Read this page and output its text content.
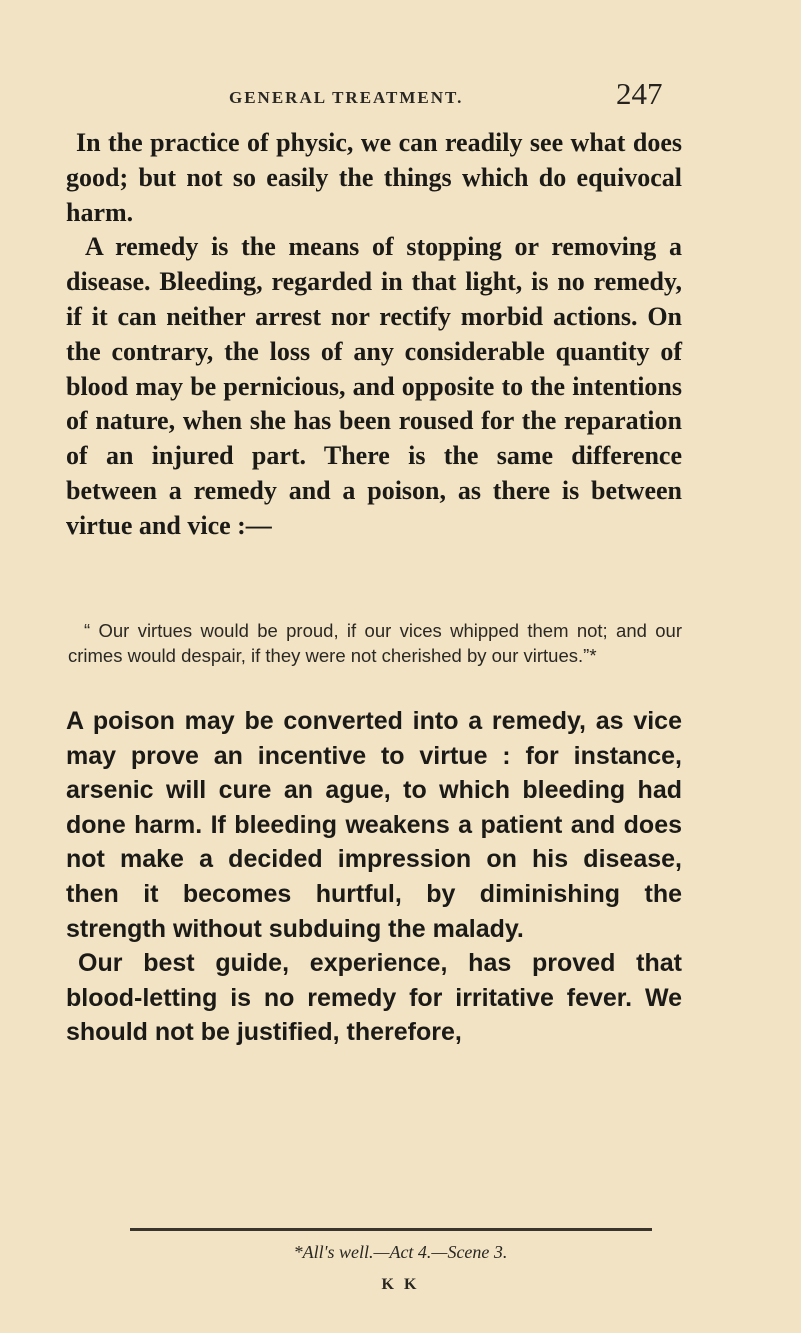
GENERAL TREATMENT.	247

In the practice of physic, we can readily see what does good; but not so easily the things which do equivocal harm.

A remedy is the means of stopping or removing a disease. Bleeding, regarded in that light, is no remedy, if it can neither arrest nor rectify morbid actions. On the contrary, the loss of any considerable quantity of blood may be pernicious, and opposite to the intentions of nature, when she has been roused for the reparation of an injured part. There is the same difference between a remedy and a poison, as there is between virtue and vice :—

“ Our virtues would be proud, if our vices whipped them not; and our crimes would despair, if they were not cherished by our virtues.”*

A poison may be converted into a remedy, as vice may prove an incentive to virtue : for instance, arsenic will cure an ague, to which bleeding had done harm. If bleeding weakens a patient and does not make a decided impression on his disease, then it becomes hurtful, by diminishing the strength without subduing the malady.

Our best guide, experience, has proved that blood-letting is no remedy for irritative fever. We should not be justified, therefore,

*All's well.—Act 4.—Scene 3.
K K
